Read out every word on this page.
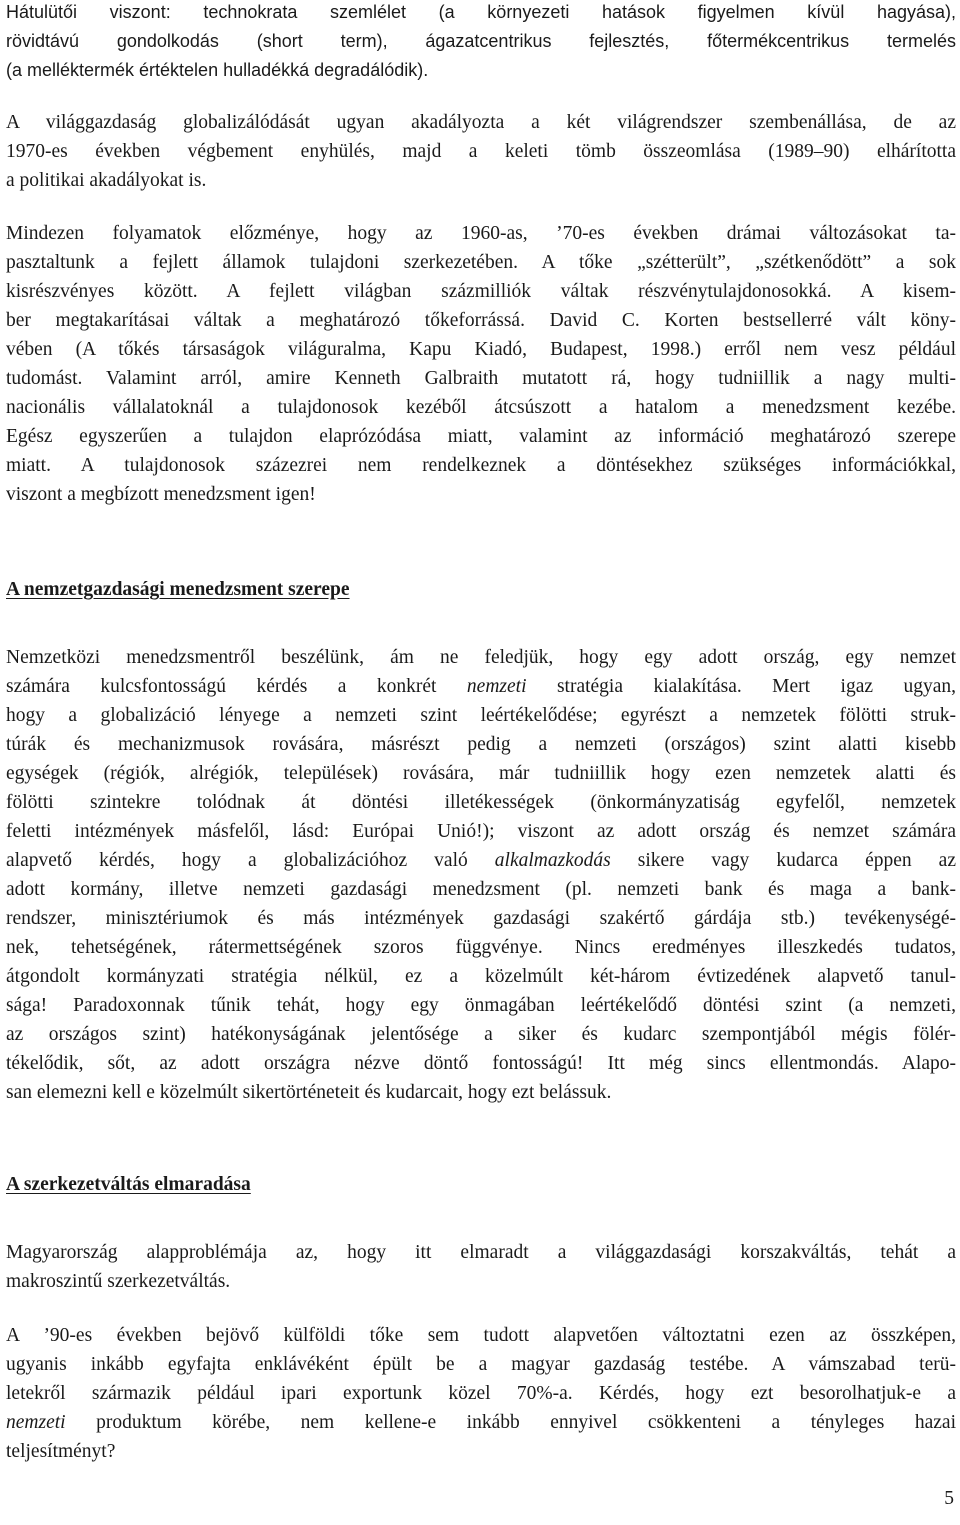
Hátulütői viszont: technokrata szemlélet (a környezeti hatások figyelmen kívül hagyása),
rövidtávú gondolkodás (short term), ágazatcentrikus fejlesztés, főtermékcentrikus termelés
(a melléktermék értéktelen hulladékká degradálódik).
A világgazdaság globalizálódását ugyan akadályozta a két világrendszer szembenállása, de az
1970-es években végbement enyhülés, majd a keleti tömb összeomlása (1989–90) elhárította
a politikai akadályokat is.
Mindezen folyamatok előzménye, hogy az 1960-as, ’70-es években drámai változásokat ta-
pasztaltunk a fejlett államok tulajdoni szerkezetében. A tőke „szétterült”, „szétkenődött” a sok
kisrészvényes között. A fejlett világban százmilliók váltak részvénytulajdonosokká. A kisem-
ber megtakarításai váltak a meghatározó tőkeforrássá. David C. Korten bestsellerré vált köny-
vében (A tőkés társaságok világuralma, Kapu Kiadó, Budapest, 1998.) erről nem vesz például
tudomást. Valamint arról, amire Kenneth Galbraith mutatott rá, hogy tudniillik a nagy multi-
nacionális vállalatoknál a tulajdonosok kezéből átcsúszott a hatalom a menedzsment kezébe.
Egész egyszerűen a tulajdon elaprózódása miatt, valamint az információ meghatározó szerepe
miatt. A tulajdonosok százezrei nem rendelkeznek a döntésekhez szükséges információkkal,
viszont a megbízott menedzsment igen!
A nemzetgazdasági menedzsment szerepe
Nemzetközi menedzsmentről beszélünk, ám ne feledjük, hogy egy adott ország, egy nemzet
számára kulcsfontosságú kérdés a konkrét nemzeti stratégia kialakítása. Mert igaz ugyan,
hogy a globalizáció lényege a nemzeti szint leértékelődése; egyrészt a nemzetek fölötti struk-
túrák és mechanizmusok rovására, másrészt pedig a nemzeti (országos) szint alatti kisebb
egységek (régiók, alrégiók, települések) rovására, már tudniillik hogy ezen nemzetek alatti és
fölötti szintekre tolódnak át döntési illetékességek (önkormányzatiság egyfelől, nemzetek
feletti intézmények másfelől, lásd: Európai Unió!); viszont az adott ország és nemzet számára
alapvető kérdés, hogy a globalizációhoz való alkalmazkodás sikere vagy kudarca éppen az
adott kormány, illetve nemzeti gazdasági menedzsment (pl. nemzeti bank és maga a bank-
rendszer, minisztériumok és más intézmények gazdasági szakértő gárdája stb.) tevékenységé-
nek, tehetségének, rátermettségének szoros függvénye. Nincs eredményes illeszkedés tudatos,
átgondolt kormányzati stratégia nélkül, ez a közelmúlt két-három évtizedének alapvető tanul-
sága! Paradoxonnak tűnik tehát, hogy egy önmagában leértékelődő döntési szint (a nemzeti,
az országos szint) hatékonyságának jelentősége a siker és kudarc szempontjából mégis fölér-
tékelődik, sőt, az adott országra nézve döntő fontosságú! Itt még sincs ellentmondás. Alapo-
san elemezni kell e közelmúlt sikertörténeteit és kudarcait, hogy ezt belássuk.
A szerkezetváltás elmaradása
Magyarország alapproblémája az, hogy itt elmaradt a világgazdasági korszakváltás, tehát a
makroszintű szerkezetváltás.
A ’90-es években bejövő külföldi tőke sem tudott alapvetően változtatni ezen az összképen,
ugyanis inkább egyfajta enklávéként épült be a magyar gazdaság testébe. A vámszabad terü-
letekről származik például ipari exportunk közel 70%-a. Kérdés, hogy ezt besorolhatjuk-e a
nemzeti produktum körébe, nem kellene-e inkább ennyivel csökkenteni a tényleges hazai
teljesítményt?
5
